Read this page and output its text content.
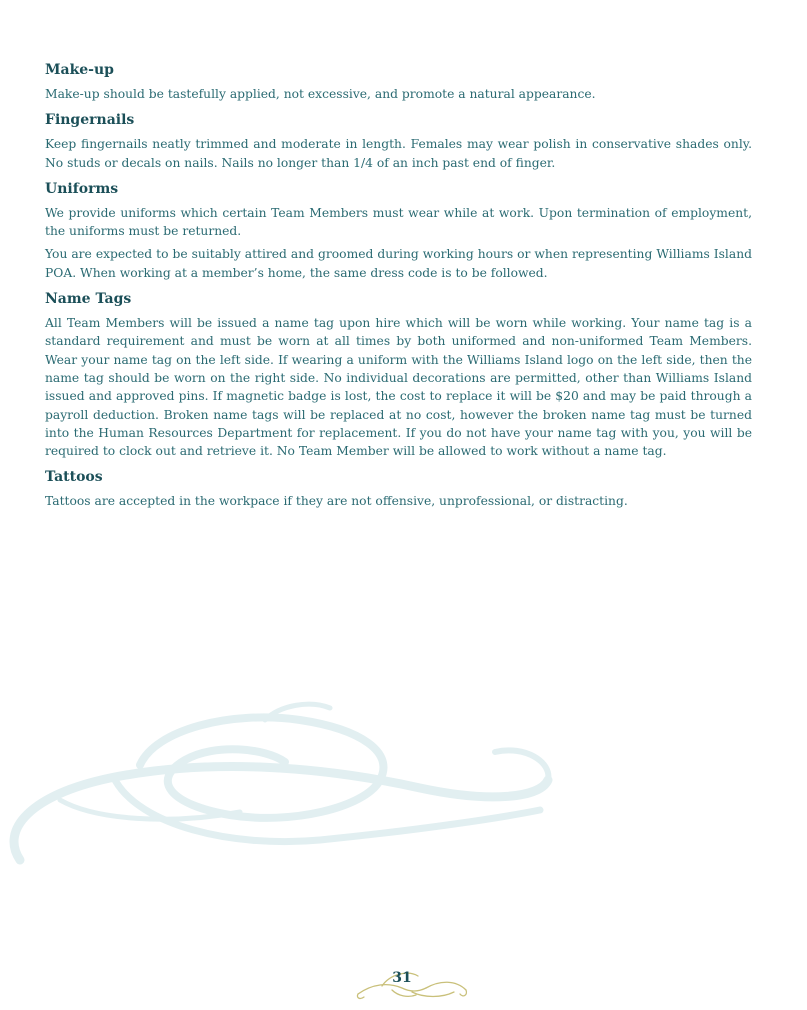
Make-up

Make-up should be tastefully applied, not excessive, and promote a natural appearance.

Fingernails

Keep fingernails neatly trimmed and moderate in length. Females may wear polish in conservative shades only. No studs or decals on nails. Nails no longer than 1/4 of an inch past end of finger.

Uniforms

We provide uniforms which certain Team Members must wear while at work. Upon termination of employment, the uniforms must be returned.

You are expected to be suitably attired and groomed during working hours or when representing Williams Island POA. When working at a member’s home, the same dress code is to be followed.

Name Tags

All Team Members will be issued a name tag upon hire which will be worn while working. Your name tag is a standard requirement and must be worn at all times by both uniformed and non-uniformed Team Members. Wear your name tag on the left side. If wearing a uniform with the Williams Island logo on the left side, then the name tag should be worn on the right side. No individual decorations are permitted, other than Williams Island issued and approved pins. If magnetic badge is lost, the cost to replace it will be $20 and may be paid through a payroll deduction. Broken name tags will be replaced at no cost, however the broken name tag must be turned into the Human Resources Department for replacement. If you do not have your name tag with you, you will be required to clock out and retrieve it. No Team Member will be allowed to work without a name tag.

Tattoos

Tattoos are accepted in the workpace if they are not offensive, unprofessional, or distracting.

31
